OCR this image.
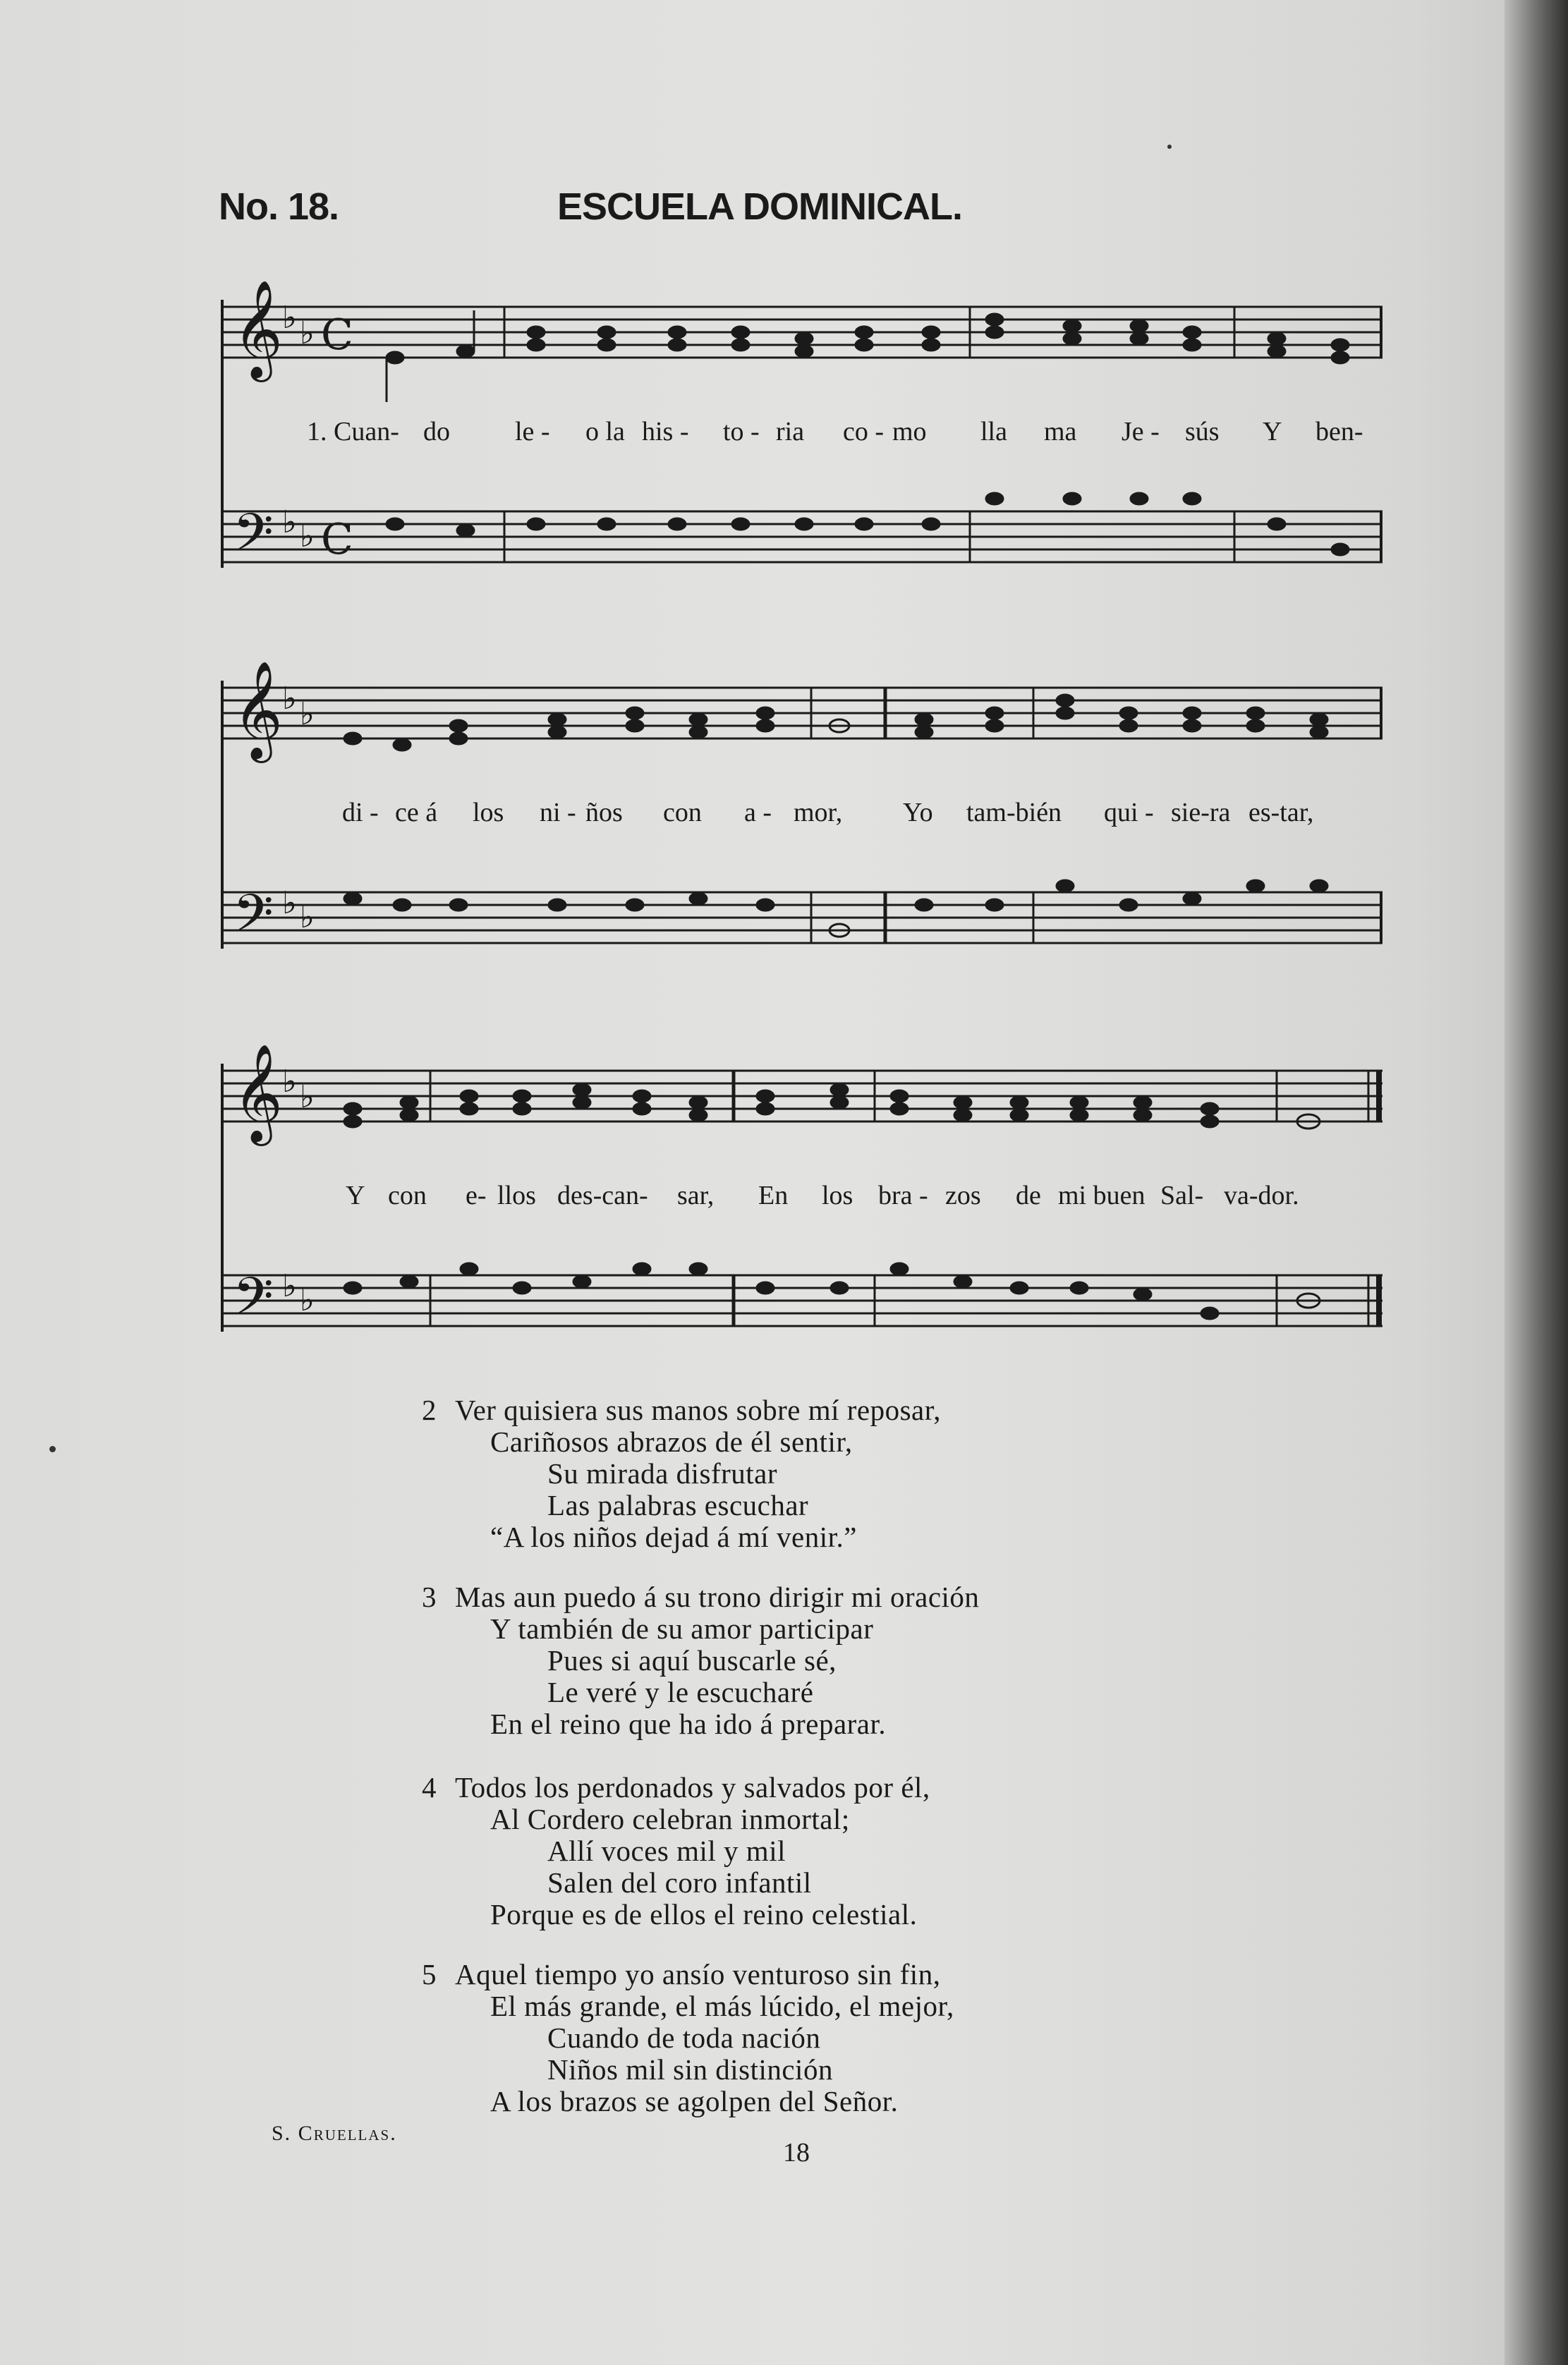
No. 18.	ESCUELA DOMINICAL.
𝄞 ♭ ♭ C
𝄢 ♭ ♭ C
1. Cuan- do le - o la his - to - ria co - mo lla ma Je - sús Y ben-
𝄞 ♭ ♭
𝄢 ♭ ♭
di - ce á los ni - ños con a - mor, Yo tam-bién qui - sie-ra es-tar,
𝄞 ♭ ♭
𝄢 ♭ ♭
Y con e- llos des-can- sar, En los bra - zos de mi buen Sal- va-dor.
2 Ver quisiera sus manos sobre mí reposar,
Cariñosos abrazos de él sentir,
Su mirada disfrutar
Las palabras escuchar
“A los niños dejad á mí venir.”
3 Mas aun puedo á su trono dirigir mi oración
Y también de su amor participar
Pues si aquí buscarle sé,
Le veré y le escucharé
En el reino que ha ido á preparar.
4 Todos los perdonados y salvados por él,
Al Cordero celebran inmortal;
Allí voces mil y mil
Salen del coro infantil
Porque es de ellos el reino celestial.
5 Aquel tiempo yo ansío venturoso sin fin,
El más grande, el más lúcido, el mejor,
Cuando de toda nación
Niños mil sin distinción
A los brazos se agolpen del Señor.
S. Cruellas.
18
